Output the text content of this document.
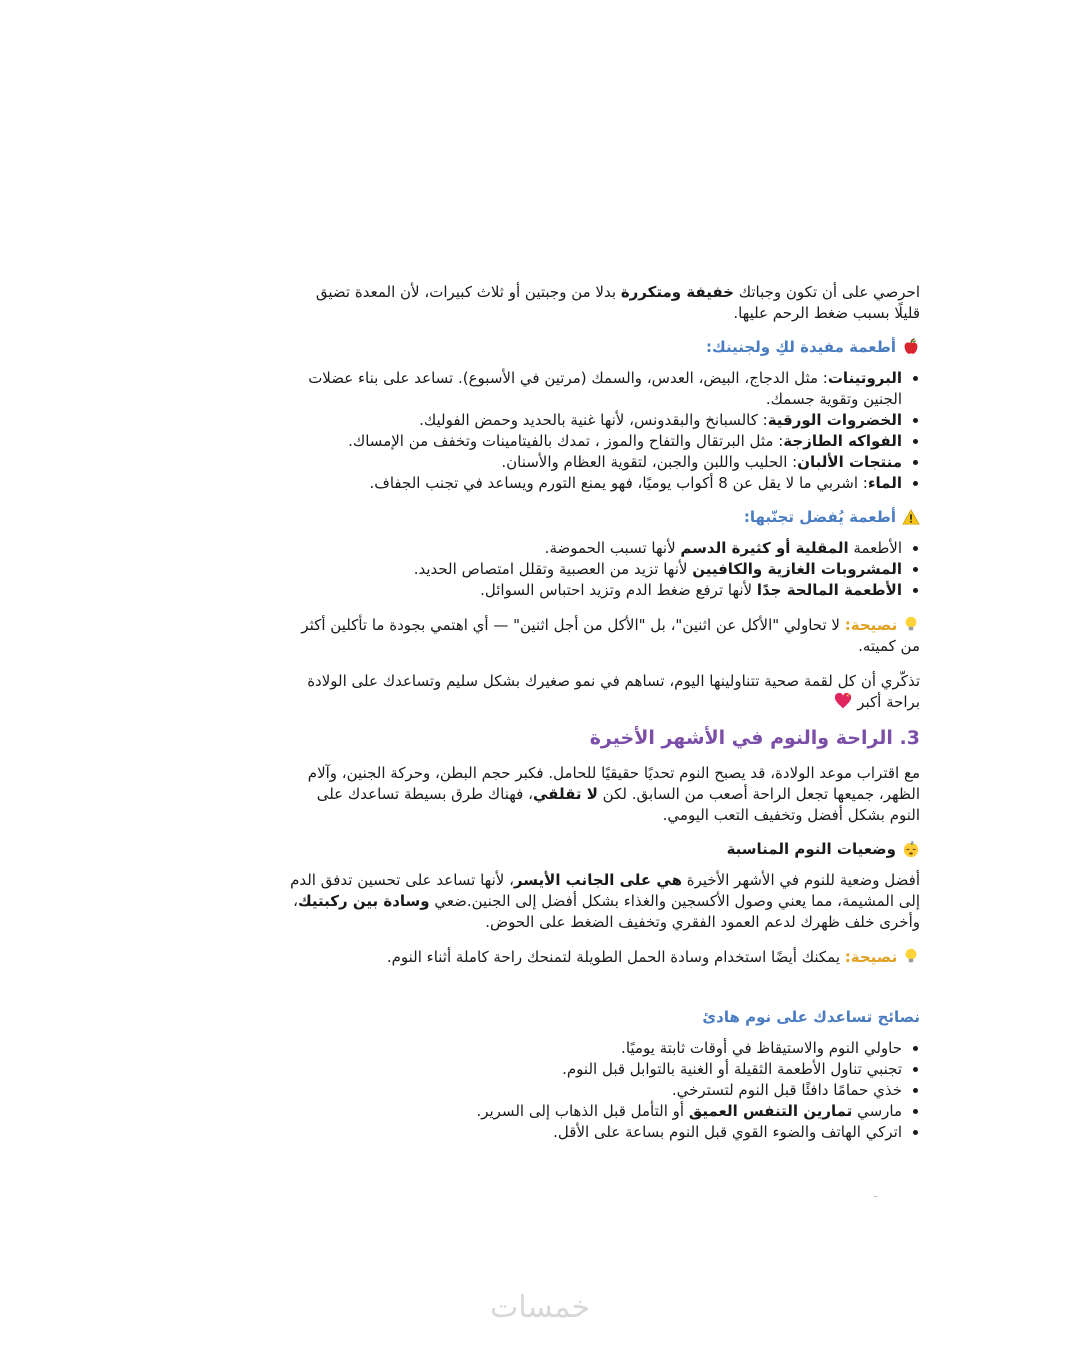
احرصي على أن تكون وجباتك خفيفة ومتكررة بدلا من وجبتين أو ثلاث كبيرات، لأن المعدة تضيق قليلًا بسبب ضغط الرحم عليها.

أطعمة مفيدة لكِ ولجنينك:
• البروتينات: مثل الدجاج، البيض، العدس، والسمك (مرتين في الأسبوع). تساعد على بناء عضلات الجنين وتقوية جسمك.
• الخضروات الورقية: كالسبانخ والبقدونس، لأنها غنية بالحديد وحمض الفوليك.
• الفواكه الطازجة: مثل البرتقال والتفاح والموز ، تمدك بالفيتامينات وتخفف من الإمساك.
• منتجات الألبان: الحليب واللبن والجبن، لتقوية العظام والأسنان.
• الماء: اشربي ما لا يقل عن 8 أكواب يوميًا، فهو يمنع التورم ويساعد في تجنب الجفاف.
أطعمة يُفضل تجنّبها:
• الأطعمة المقلية أو كثيرة الدسم لأنها تسبب الحموضة.
• المشروبات الغازية والكافيين لأنها تزيد من العصبية وتقلل امتصاص الحديد.
• الأطعمة المالحة جدًا لأنها ترفع ضغط الدم وتزيد احتباس السوائل.

نصيحة: لا تحاولي "الأكل عن اثنين"، بل "الأكل من أجل اثنين" — أي اهتمي بجودة ما تأكلين أكثر من كميته.

تذكّري أن كل لقمة صحية تتناولينها اليوم، تساهم في نمو صغيرك بشكل سليم وتساعدك على الولادة براحة أكبر

3. الراحة والنوم في الأشهر الأخيرة

مع اقتراب موعد الولادة، قد يصبح النوم تحديًا حقيقيًا للحامل. فكبر حجم البطن، وحركة الجنين، وآلام الظهر، جميعها تجعل الراحة أصعب من السابق. لكن لا تقلقي، فهناك طرق بسيطة تساعدك على النوم بشكل أفضل وتخفيف التعب اليومي.

z
وضعيات النوم المناسبة

أفضل وضعية للنوم في الأشهر الأخيرة هي على الجانب الأيسر، لأنها تساعد على تحسين تدفق الدم إلى المشيمة، مما يعني وصول الأكسجين والغذاء بشكل أفضل إلى الجنين.ضعي وسادة بين ركبتيك، وأخرى خلف ظهرك لدعم العمود الفقري وتخفيف الضغط على الحوض.

نصيحة: يمكنك أيضًا استخدام وسادة الحمل الطويلة لتمنحك راحة كاملة أثناء النوم.

نصائح تساعدك على نوم هادئ
• حاولي النوم والاستيقاظ في أوقات ثابتة يوميًا.
• تجنبي تناول الأطعمة الثقيلة أو الغنية بالتوابل قبل النوم.
• خذي حمامًا دافئًا قبل النوم لتسترخي.
• مارسي تمارين التنفس العميق أو التأمل قبل الذهاب إلى السرير.
• اتركي الهاتف والضوء القوي قبل النوم بساعة على الأقل.
خمسات
